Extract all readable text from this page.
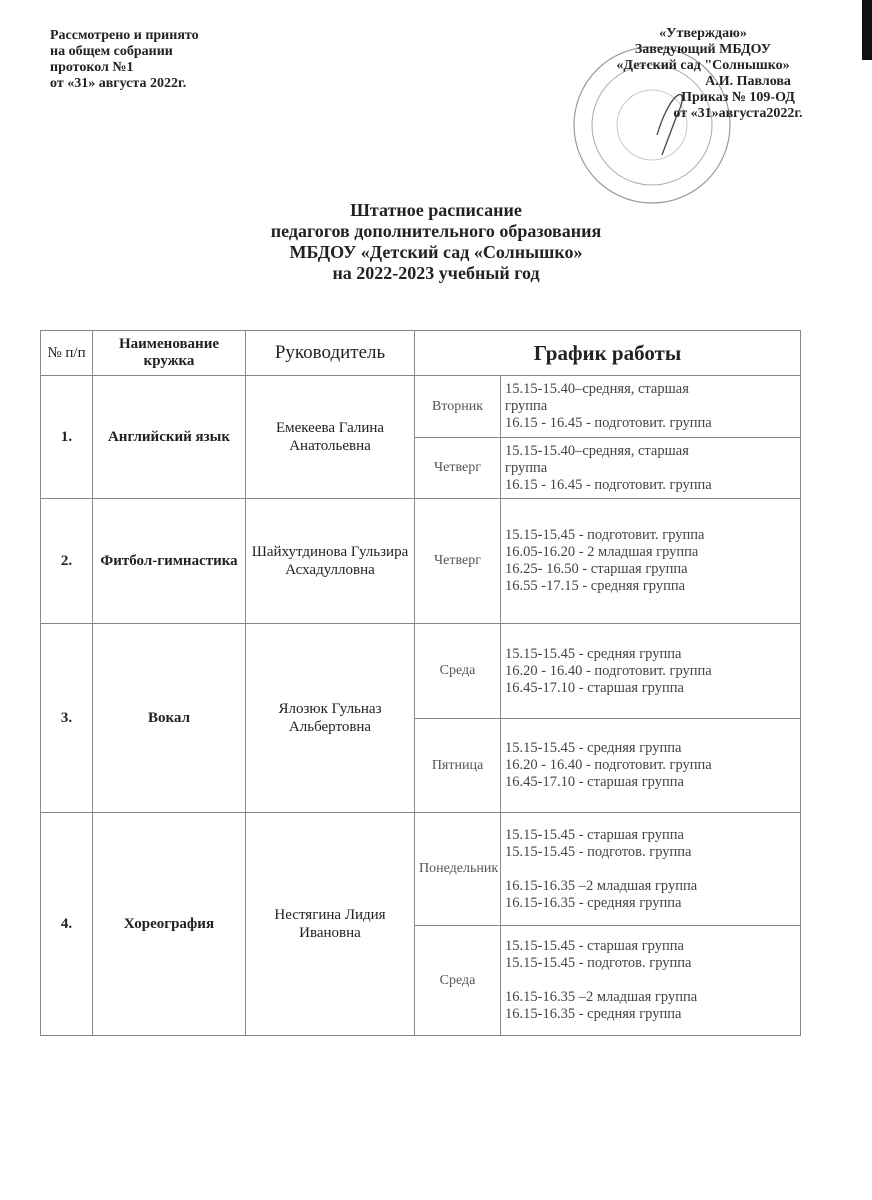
Рассмотрено и принято
на общем собрании
протокол №1
от «31» августа 2022г.
«Утверждаю»
Заведующий МБДОУ
«Детский сад "Солнышко»
А.И. Павлова
Приказ № 109-ОД
от «31»августа2022г.
Штатное расписание
педагогов дополнительного образования
МБДОУ «Детский сад «Солнышко»
на 2022-2023 учебный год
№ п/п	Наименование кружка	Руководитель	График работы	
1.	Английский язык	Емекеева Галина Анатольевна	Вторник	15.15-15.40–средняя, старшая
группа
16.15 - 16.45 - подготовит. группа

			Четверг	15.15-15.40–средняя, старшая
группа
16.15 - 16.45 - подготовит. группа

2.	Фитбол-гимнастика	Шайхутдинова Гульзира Асхадулловна	Четверг	15.15-15.45 - подготовит. группа
16.05-16.20 - 2 младшая группа
16.25- 16.50 - старшая группа
16.55 -17.15 - средняя группа

3.	Вокал	Ялозюк Гульназ Альбертовна	Среда	15.15-15.45 - средняя группа
16.20 - 16.40 - подготовит. группа
16.45-17.10 - старшая группа

			Пятница	15.15-15.45 - средняя группа
16.20 - 16.40 - подготовит. группа
16.45-17.10 - старшая группа

4.	Хореография	Нестягина Лидия Ивановна	Понедельник	15.15-15.45 - старшая группа
15.15-15.45 - подготов. группа
16.15-16.35 –2 младшая группа
16.15-16.35 - средняя группа

			Среда	15.15-15.45 - старшая группа
15.15-15.45 - подготов. группа
16.15-16.35 –2 младшая группа
16.15-16.35 - средняя группа
